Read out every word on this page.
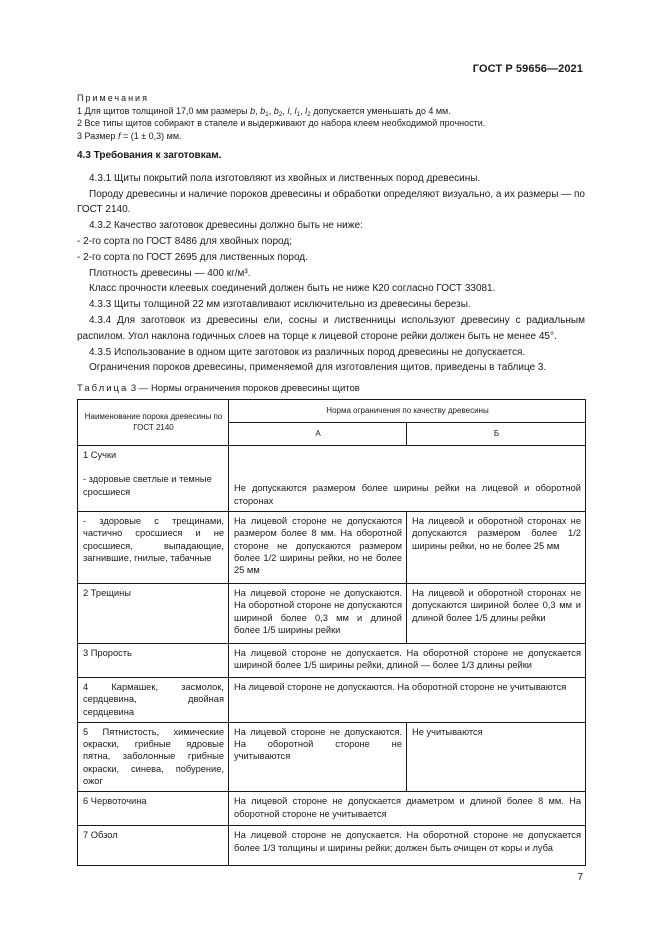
ГОСТ Р 59656—2021
Примечания
1 Для щитов толщиной 17,0 мм размеры b, $b_1$, $b_2$, l, $l_1$, $l_2$ допускается уменьшать до 4 мм.
2 Все типы щитов собирают в стапеле и выдерживают до набора клеем необходимой прочности.
3 Размер f = (1 ± 0,3) мм.
4.3 Требования к заготовкам.

4.3.1 Щиты покрытий пола изготовляют из хвойных и лиственных пород древесины.

Породу древесины и наличие пороков древесины и обработки определяют визуально, а их размеры — по ГОСТ 2140.

4.3.2 Качество заготовок древесины должно быть не ниже:

- 2-го сорта по ГОСТ 8486 для хвойных пород;

- 2-го сорта по ГОСТ 2695 для лиственных пород.

Плотность древесины — 400 кг/м³.

Класс прочности клеевых соединений должен быть не ниже К20 согласно ГОСТ 33081.

4.3.3 Щиты толщиной 22 мм изготавливают исключительно из древесины березы.

4.3.4 Для заготовок из древесины ели, сосны и лиственницы используют древесину с радиальным распилом. Угол наклона годичных слоев на торце к лицевой стороне рейки должен быть не менее 45°.

4.3.5 Использование в одном щите заготовок из различных пород древесины не допускается.

Ограничения пороков древесины, применяемой для изготовления щитов, приведены в таблице 3.

Таблица 3 — Нормы ограничения пороков древесины щитов
Наименование порока древесины по ГОСТ 2140	Норма ограничения по качеству древесины	
	А	Б

1 Сучки
- здоровые светлые и темные сросшиеся	Не допускаются размером более ширины рейки на лицевой и оборотной сторонах	
- здоровые с трещинами, частично сросшиеся и не сросшиеся, выпадающие, загнившие, гнилые, табачные	На лицевой стороне не допускаются размером более 8 мм. На оборотной стороне не допускаются размером более 1/2 ширины рейки, но не более 25 мм	На лицевой и оборотной сторонах не допускаются размером более 1/2 ширины рейки, но не более 25 мм
2 Трещины	На лицевой стороне не допускаются. На оборотной стороне не допускаются шириной более 0,3 мм и длиной более 1/5 ширины рейки	На лицевой и оборотной сторонах не допускаются шириной более 0,3 мм и длиной более 1/5 длины рейки
3 Прорость	На лицевой стороне не допускается. На оборотной стороне не допускается шириной более 1/5 ширины рейки, длиной — более 1/3 длины рейки	
4 Кармашек, засмолок, сердцевина, двойная сердцевина	На лицевой стороне не допускаются. На оборотной стороне не учитываются	
5 Пятнистость, химические окраски, грибные ядровые пятна, заболонные грибные окраски, синева, побурение, ожог	На лицевой стороне не допускаются. На оборотной стороне не учитываются	Не учитываются
6 Червоточина	На лицевой стороне не допускается диаметром и длиной более 8 мм. На оборотной стороне не учитывается	
7 Обзол	На лицевой стороне не допускается. На оборотной стороне не допускается более 1/3 толщины и ширины рейки; должен быть очищен от коры и луба	
7
